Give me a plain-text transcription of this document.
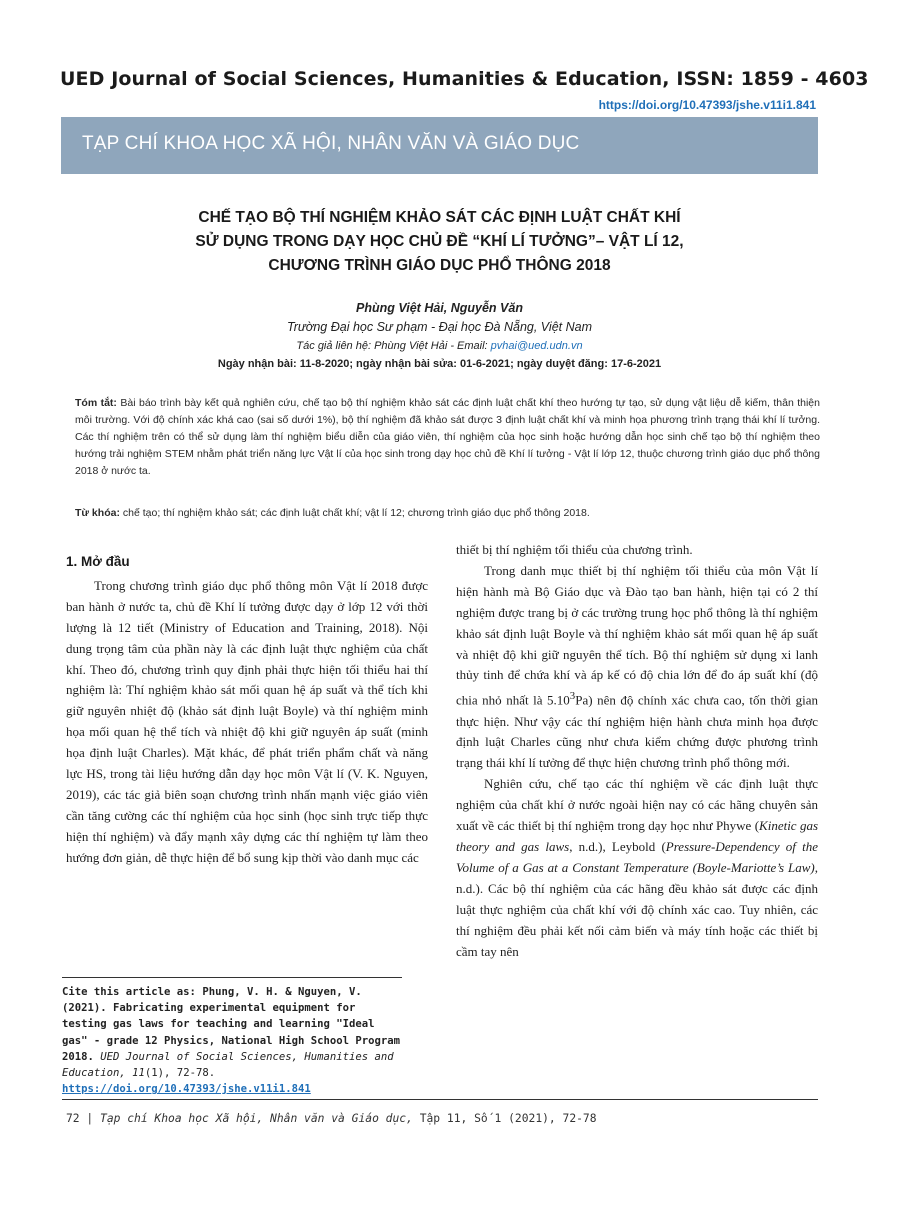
UED Journal of Social Sciences, Humanities & Education, ISSN: 1859 - 4603
https://doi.org/10.47393/jshe.v11i1.841
TẠP CHÍ KHOA HỌC XÃ HỘI, NHÂN VĂN VÀ GIÁO DỤC
CHẾ TẠO BỘ THÍ NGHIỆM KHẢO SÁT CÁC ĐỊNH LUẬT CHẤT KHÍ
SỬ DỤNG TRONG DẠY HỌC CHỦ ĐỀ “KHÍ LÍ TƯỞNG”– VẬT LÍ 12,
CHƯƠNG TRÌNH GIÁO DỤC PHỔ THÔNG 2018
Phùng Việt Hải, Nguyễn Văn
Trường Đại học Sư phạm - Đại học Đà Nẵng, Việt Nam
Tác giả liên hệ: Phùng Việt Hải - Email: pvhai@ued.udn.vn
Ngày nhận bài: 11-8-2020; ngày nhận bài sửa: 01-6-2021; ngày duyệt đăng: 17-6-2021
Tóm tắt: Bài báo trình bày kết quả nghiên cứu, chế tạo bộ thí nghiệm khảo sát các định luật chất khí theo hướng tự tạo, sử dụng vật liệu dễ kiếm, thân thiện môi trường. Với độ chính xác khá cao (sai số dưới 1%), bộ thí nghiệm đã khảo sát được 3 định luật chất khí và minh họa phương trình trạng thái khí lí tưởng. Các thí nghiệm trên có thể sử dụng làm thí nghiệm biểu diễn của giáo viên, thí nghiệm của học sinh hoặc hướng dẫn học sinh chế tạo bộ thí nghiệm theo hướng trải nghiệm STEM nhằm phát triển năng lực Vật lí của học sinh trong dạy học chủ đề Khí lí tưởng - Vật lí lớp 12, thuộc chương trình giáo dục phổ thông 2018 ở nước ta.
Từ khóa: chế tạo; thí nghiệm khảo sát; các định luật chất khí; vật lí 12; chương trình giáo dục phổ thông 2018.
1. Mở đầu

Trong chương trình giáo dục phổ thông môn Vật lí 2018 được ban hành ở nước ta, chủ đề Khí lí tưởng được dạy ở lớp 12 với thời lượng là 12 tiết (Ministry of Education and Training, 2018). Nội dung trọng tâm của phần này là các định luật thực nghiệm của chất khí. Theo đó, chương trình quy định phải thực hiện tối thiểu hai thí nghiệm là: Thí nghiệm khảo sát mối quan hệ áp suất và thể tích khi giữ nguyên nhiệt độ (khảo sát định luật Boyle) và thí nghiệm minh họa mối quan hệ thể tích và nhiệt độ khi giữ nguyên áp suất (minh họa định luật Charles). Mặt khác, để phát triển phẩm chất và năng lực HS, trong tài liệu hướng dẫn dạy học môn Vật lí (V. K. Nguyen, 2019), các tác giả biên soạn chương trình nhấn mạnh việc giáo viên cần tăng cường các thí nghiệm của học sinh (học sinh trực tiếp thực hiện thí nghiệm) và đẩy mạnh xây dựng các thí nghiệm tự làm theo hướng đơn giản, dễ thực hiện để bổ sung kịp thời vào danh mục các

thiết bị thí nghiệm tối thiểu của chương trình.

Trong danh mục thiết bị thí nghiệm tối thiểu của môn Vật lí hiện hành mà Bộ Giáo dục và Đào tạo ban hành, hiện tại có 2 thí nghiệm được trang bị ở các trường trung học phổ thông là thí nghiệm khảo sát định luật Boyle và thí nghiệm khảo sát mối quan hệ áp suất và nhiệt độ khi giữ nguyên thể tích. Bộ thí nghiệm sử dụng xi lanh thủy tinh để chứa khí và áp kế có độ chia lớn để đo áp suất khí (độ chia nhỏ nhất là 5.10$^3$Pa) nên độ chính xác chưa cao, tốn thời gian thực hiện. Như vậy các thí nghiệm hiện hành chưa minh họa được định luật Charles cũng như chưa kiểm chứng được phương trình trạng thái khí lí tưởng để thực hiện chương trình phổ thông mới.

Nghiên cứu, chế tạo các thí nghiệm về các định luật thực nghiệm của chất khí ở nước ngoài hiện nay có các hãng chuyên sản xuất về các thiết bị thí nghiệm trong dạy học như Phywe (Kinetic gas theory and gas laws, n.d.), Leybold (Pressure-Dependency of the Volume of a Gas at a Constant Temperature (Boyle-Mariotte’s Law), n.d.). Các bộ thí nghiệm của các hãng đều khảo sát được các định luật thực nghiệm của chất khí với độ chính xác cao. Tuy nhiên, các thí nghiệm đều phải kết nối cảm biến và máy tính hoặc các thiết bị cầm tay nên

Cite this article as: Phung, V. H. & Nguyen, V. (2021). Fabricating experimental equipment for testing gas laws for teaching and learning "Ideal gas" - grade 12 Physics, National High School Program 2018. UED Journal of Social Sciences, Humanities and Education, 11(1), 72-78.
https://doi.org/10.47393/jshe.v11i1.841
72 | Tạp chí Khoa học Xã hội, Nhân văn và Giáo dục, Tập 11, Số 1 (2021), 72-78
